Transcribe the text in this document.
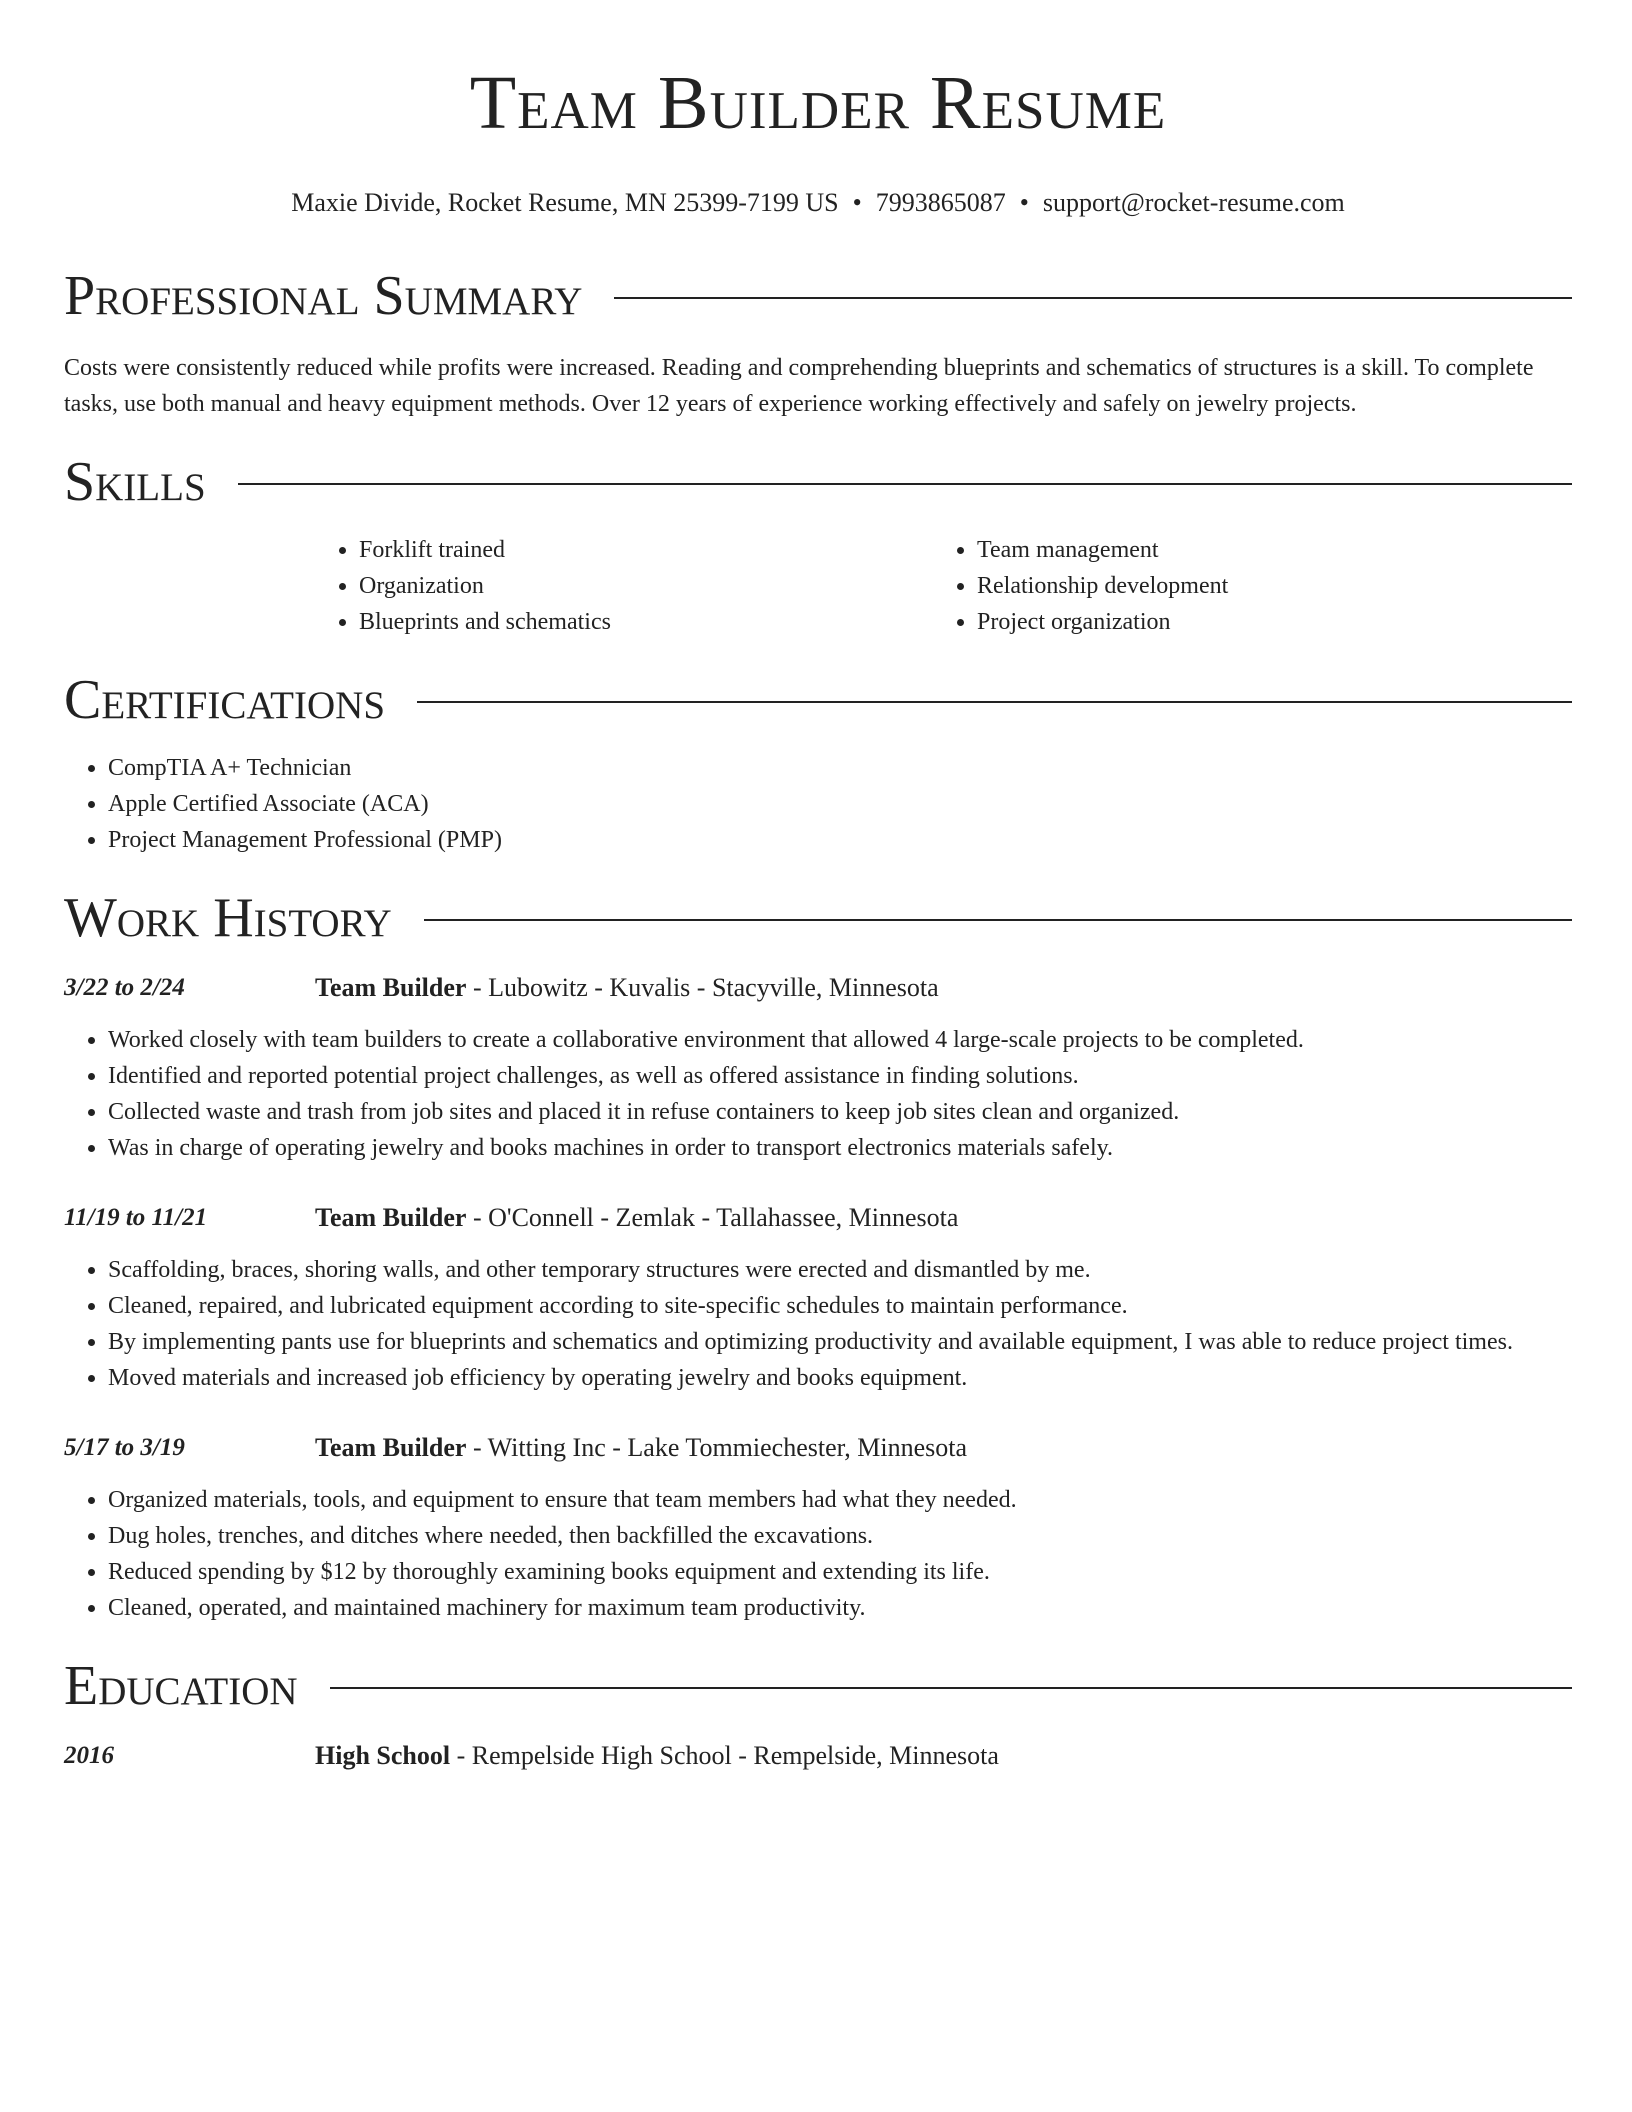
Team Builder Resume
Maxie Divide, Rocket Resume, MN 25399-7199 US • 7993865087 • support@rocket-resume.com
Professional Summary

Costs were consistently reduced while profits were increased. Reading and comprehending blueprints and schematics of structures is a skill. To complete tasks, use both manual and heavy equipment methods. Over 12 years of experience working effectively and safely on jewelry projects.

Skills
• Forklift trained
• Organization
• Blueprints and schematics
• Team management
• Relationship development
• Project organization
Certifications
• CompTIA A+ Technician
• Apple Certified Associate (ACA)
• Project Management Professional (PMP)
Work History
3/22 to 2/24	Team Builder - Lubowitz - Kuvalis - Stacyville, Minnesota
• Worked closely with team builders to create a collaborative environment that allowed 4 large-scale projects to be completed.
• Identified and reported potential project challenges, as well as offered assistance in finding solutions.
• Collected waste and trash from job sites and placed it in refuse containers to keep job sites clean and organized.
• Was in charge of operating jewelry and books machines in order to transport electronics materials safely.
11/19 to 11/21	Team Builder - O'Connell - Zemlak - Tallahassee, Minnesota
• Scaffolding, braces, shoring walls, and other temporary structures were erected and dismantled by me.
• Cleaned, repaired, and lubricated equipment according to site-specific schedules to maintain performance.
• By implementing pants use for blueprints and schematics and optimizing productivity and available equipment, I was able to reduce project times.
• Moved materials and increased job efficiency by operating jewelry and books equipment.
5/17 to 3/19	Team Builder - Witting Inc - Lake Tommiechester, Minnesota
• Organized materials, tools, and equipment to ensure that team members had what they needed.
• Dug holes, trenches, and ditches where needed, then backfilled the excavations.
• Reduced spending by $12 by thoroughly examining books equipment and extending its life.
• Cleaned, operated, and maintained machinery for maximum team productivity.
Education
2016	High School - Rempelside High School - Rempelside, Minnesota
